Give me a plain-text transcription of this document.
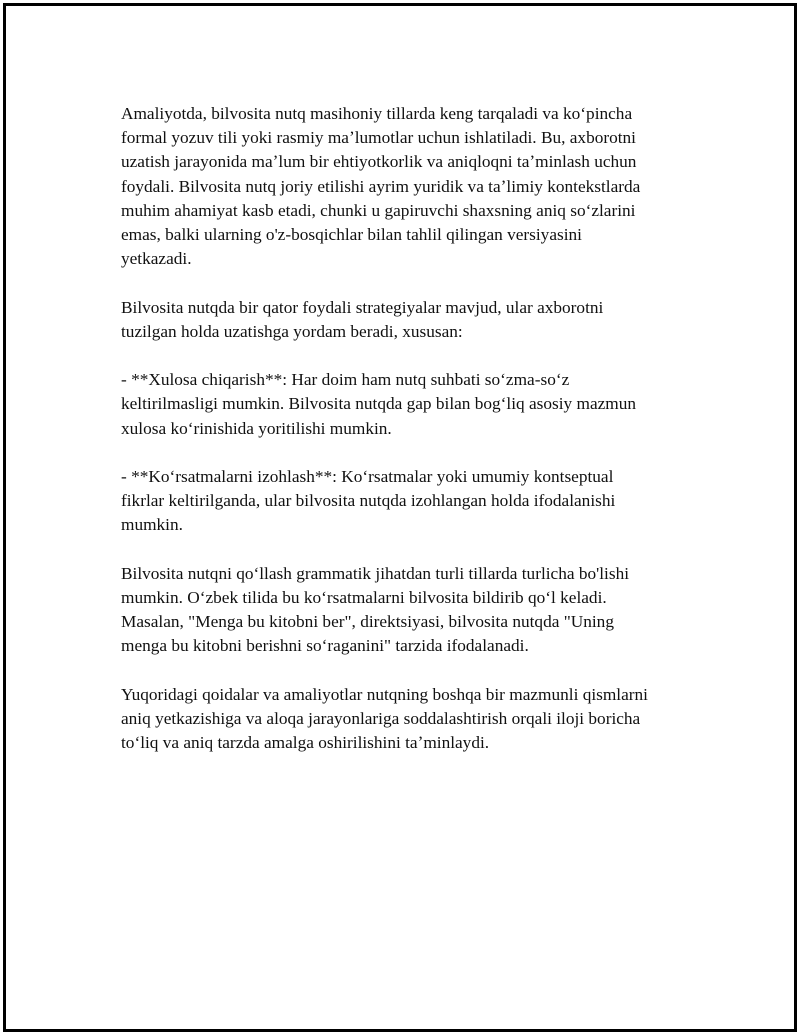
Amaliyotda, bilvosita nutq masihoniy tillarda keng tarqaladi va koʻpincha
formal yozuv tili yoki rasmiy maʼlumotlar uchun ishlatiladi. Bu, axborotni
uzatish jarayonida maʼlum bir ehtiyotkorlik va aniqloqni taʼminlash uchun
foydali. Bilvosita nutq joriy etilishi ayrim yuridik va taʼlimiy kontekstlarda
muhim ahamiyat kasb etadi, chunki u gapiruvchi shaxsning aniq soʻzlarini
emas, balki ularning o'z-bosqichlar bilan tahlil qilingan versiyasini
yetkazadi.

Bilvosita nutqda bir qator foydali strategiyalar mavjud, ular axborotni
tuzilgan holda uzatishga yordam beradi, xususan:

- **Xulosa chiqarish**: Har doim ham nutq suhbati soʻzma-soʻz
keltirilmasligi mumkin. Bilvosita nutqda gap bilan bogʻliq asosiy mazmun
xulosa koʻrinishida yoritilishi mumkin.

- **Koʻrsatmalarni izohlash**: Koʻrsatmalar yoki umumiy kontseptual
fikrlar keltirilganda, ular bilvosita nutqda izohlangan holda ifodalanishi
mumkin.

Bilvosita nutqni qoʻllash grammatik jihatdan turli tillarda turlicha bo'lishi
mumkin. Oʻzbek tilida bu koʻrsatmalarni bilvosita bildirib qoʻl keladi.
Masalan, "Menga bu kitobni ber", direktsiyasi, bilvosita nutqda "Uning
menga bu kitobni berishni soʻraganini" tarzida ifodalanadi.

Yuqoridagi qoidalar va amaliyotlar nutqning boshqa bir mazmunli qismlarni
aniq yetkazishiga va aloqa jarayonlariga soddalashtirish orqali iloji boricha
toʻliq va aniq tarzda amalga oshirilishini taʼminlaydi.
